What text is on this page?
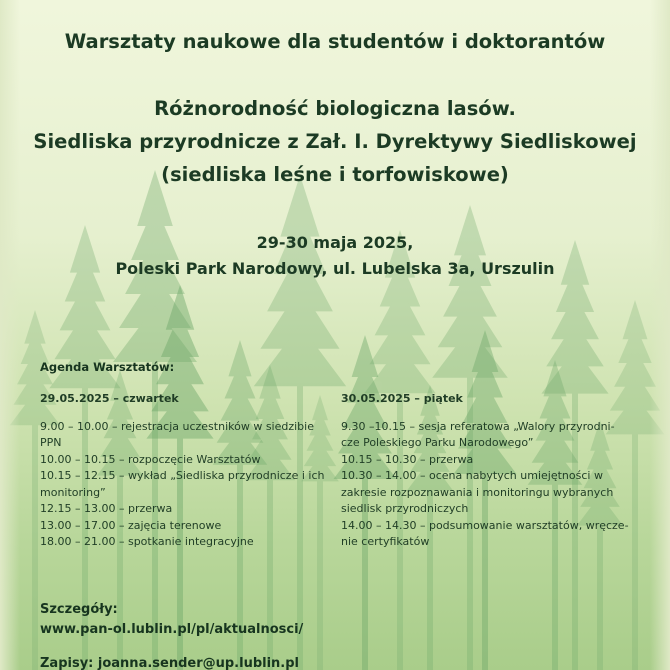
Warsztaty naukowe dla studentów i doktorantów
Różnorodność biologiczna lasów.
Siedliska przyrodnicze z Zał. I. Dyrektywy Siedliskowej
(siedliska leśne i torfowiskowe)
29-30 maja 2025,
Poleski Park Narodowy, ul. Lubelska 3a, Urszulin
Agenda Warsztatów:
29.05.2025 – czwartek

9.00 – 10.00 – rejestracja uczestników w siedzibie PPN

10.00 – 10.15 – rozpoczęcie Warsztatów

10.15 – 12.15 – wykład „Siedliska przyrodnicze i ich monitoring”

12.15 – 13.00 – przerwa

13.00 – 17.00 – zajęcia terenowe

18.00 – 21.00 – spotkanie integracyjne

30.05.2025 – piątek

9.30 –10.15 – sesja referatowa „Walory przyrodni-cze Poleskiego Parku Narodowego”

10.15 – 10.30 – przerwa

10.30 – 14.00 – ocena nabytych umiejętności w zakresie rozpoznawania i monitoringu wybranych siedlisk przyrodniczych

14.00 – 14.30 – podsumowanie warsztatów, wręcze-nie certyfikatów

Szczegóły:
www.pan-ol.lublin.pl/pl/aktualnosci/
Zapisy: joanna.sender@up.lublin.pl
